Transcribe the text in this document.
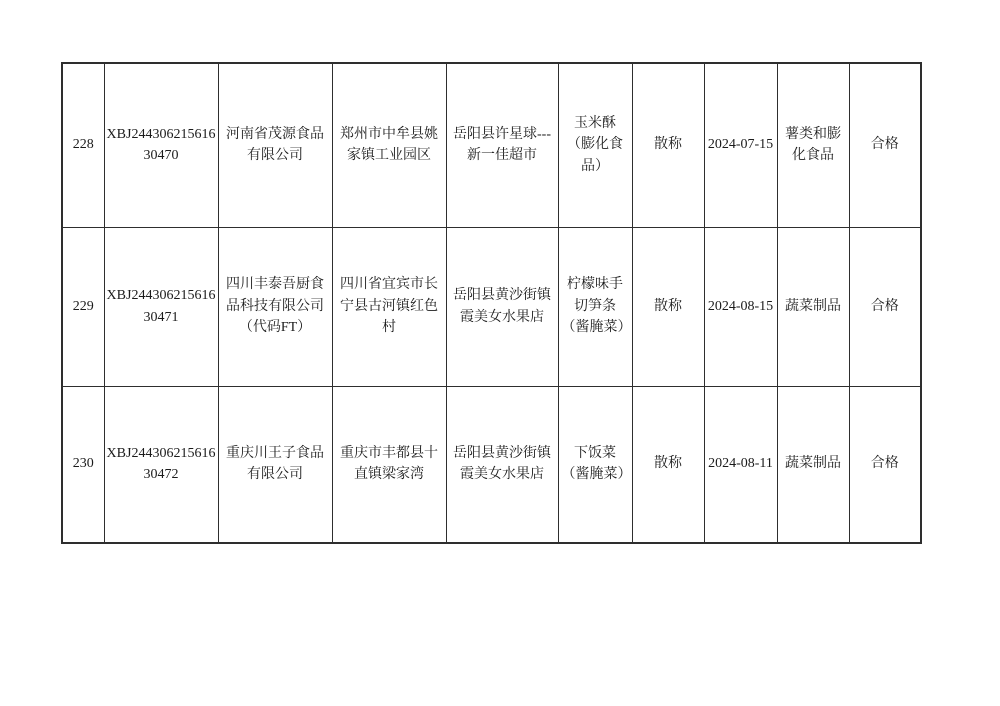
228	XBJ24430621561630470	河南省茂源食品有限公司	郑州市中牟县姚家镇工业园区	岳阳县许星球---新一佳超市	玉米酥（膨化食品）	散称	2024-07-15	薯类和膨化食品	合格
229	XBJ24430621561630471	四川丰泰吾厨食品科技有限公司（代码FT）	四川省宜宾市长宁县古河镇红色村	岳阳县黄沙街镇霞美女水果店	柠檬味手切笋条（酱腌菜）	散称	2024-08-15	蔬菜制品	合格
230	XBJ24430621561630472	重庆川王子食品有限公司	重庆市丰都县十直镇梁家湾	岳阳县黄沙街镇霞美女水果店	下饭菜（酱腌菜）	散称	2024-08-11	蔬菜制品	合格
